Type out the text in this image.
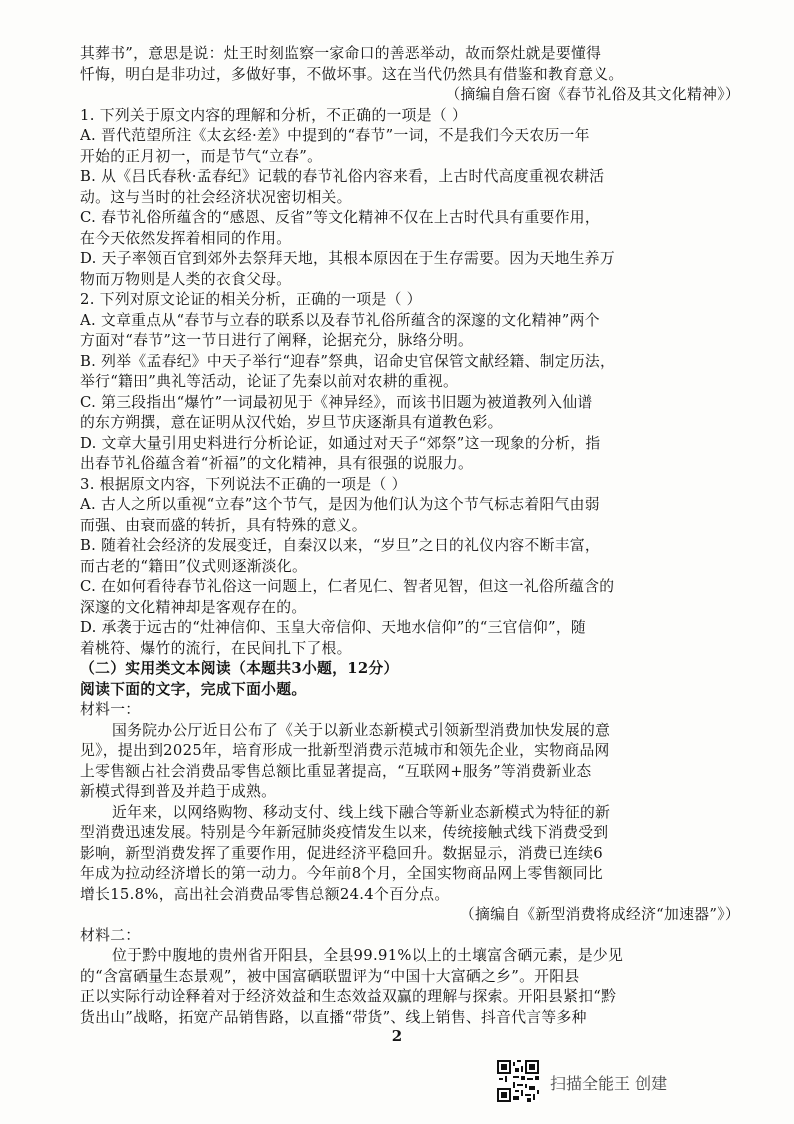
其葬书”，意思是说：灶王时刻监察一家命口的善恶举动，故而祭灶就是要懂得
忏悔，明白是非功过，多做好事，不做坏事。这在当代仍然具有借鉴和教育意义。
（摘编自詹石窗《春节礼俗及其文化精神》）
1. 下列关于原文内容的理解和分析，不正确的一项是（ ）
A. 晋代范望所注《太玄经·差》中提到的“春节”一词，不是我们今天农历一年
开始的正月初一，而是节气“立春”。
B. 从《吕氏春秋·孟春纪》记载的春节礼俗内容来看，上古时代高度重视农耕活
动。这与当时的社会经济状况密切相关。
C. 春节礼俗所蕴含的“感恩、反省”等文化精神不仅在上古时代具有重要作用，
在今天依然发挥着相同的作用。
D. 天子率领百官到郊外去祭拜天地，其根本原因在于生存需要。因为天地生养万
物而万物则是人类的衣食父母。
2. 下列对原文论证的相关分析，正确的一项是（ ）
A. 文章重点从“春节与立春的联系以及春节礼俗所蕴含的深邃的文化精神”两个
方面对“春节”这一节日进行了阐释，论据充分，脉络分明。
B. 列举《孟春纪》中天子举行“迎春”祭典，诏命史官保管文献经籍、制定历法，
举行“籍田”典礼等活动，论证了先秦以前对农耕的重视。
C. 第三段指出“爆竹”一词最初见于《神异经》，而该书旧题为被道教列入仙谱
的东方朔撰，意在证明从汉代始，岁旦节庆逐渐具有道教色彩。
D. 文章大量引用史料进行分析论证，如通过对天子“郊祭”这一现象的分析，指
出春节礼俗蕴含着“祈福”的文化精神，具有很强的说服力。
3. 根据原文内容，下列说法不正确的一项是（ ）
A. 古人之所以重视“立春”这个节气，是因为他们认为这个节气标志着阳气由弱
而强、由衰而盛的转折，具有特殊的意义。
B. 随着社会经济的发展变迁，自秦汉以来，“岁旦”之日的礼仪内容不断丰富，
而古老的“籍田”仪式则逐渐淡化。
C. 在如何看待春节礼俗这一问题上，仁者见仁、智者见智，但这一礼俗所蕴含的
深邃的文化精神却是客观存在的。
D. 承袭于远古的“灶神信仰、玉皇大帝信仰、天地水信仰”的“三官信仰”，随
着桃符、爆竹的流行，在民间扎下了根。
（二）实用类文本阅读（本题共3小题，12分）
阅读下面的文字，完成下面小题。
材料一：
国务院办公厅近日公布了《关于以新业态新模式引领新型消费加快发展的意
见》，提出到2025年，培育形成一批新型消费示范城市和领先企业，实物商品网
上零售额占社会消费品零售总额比重显著提高，“互联网+服务”等消费新业态
新模式得到普及并趋于成熟。
近年来，以网络购物、移动支付、线上线下融合等新业态新模式为特征的新
型消费迅速发展。特别是今年新冠肺炎疫情发生以来，传统接触式线下消费受到
影响，新型消费发挥了重要作用，促进经济平稳回升。数据显示，消费已连续6
年成为拉动经济增长的第一动力。今年前8个月，全国实物商品网上零售额同比
增长15.8%，高出社会消费品零售总额24.4个百分点。
（摘编自《新型消费将成经济“加速器”》）
材料二：
位于黔中腹地的贵州省开阳县，全县99.91%以上的土壤富含硒元素，是少见
的“含富硒量生态景观”，被中国富硒联盟评为“中国十大富硒之乡”。开阳县
正以实际行动诠释着对于经济效益和生态效益双赢的理解与探索。开阳县紧扣“黔
货出山”战略，拓宽产品销售路，以直播“带货”、线上销售、抖音代言等多种
2
扫描全能王 创建
